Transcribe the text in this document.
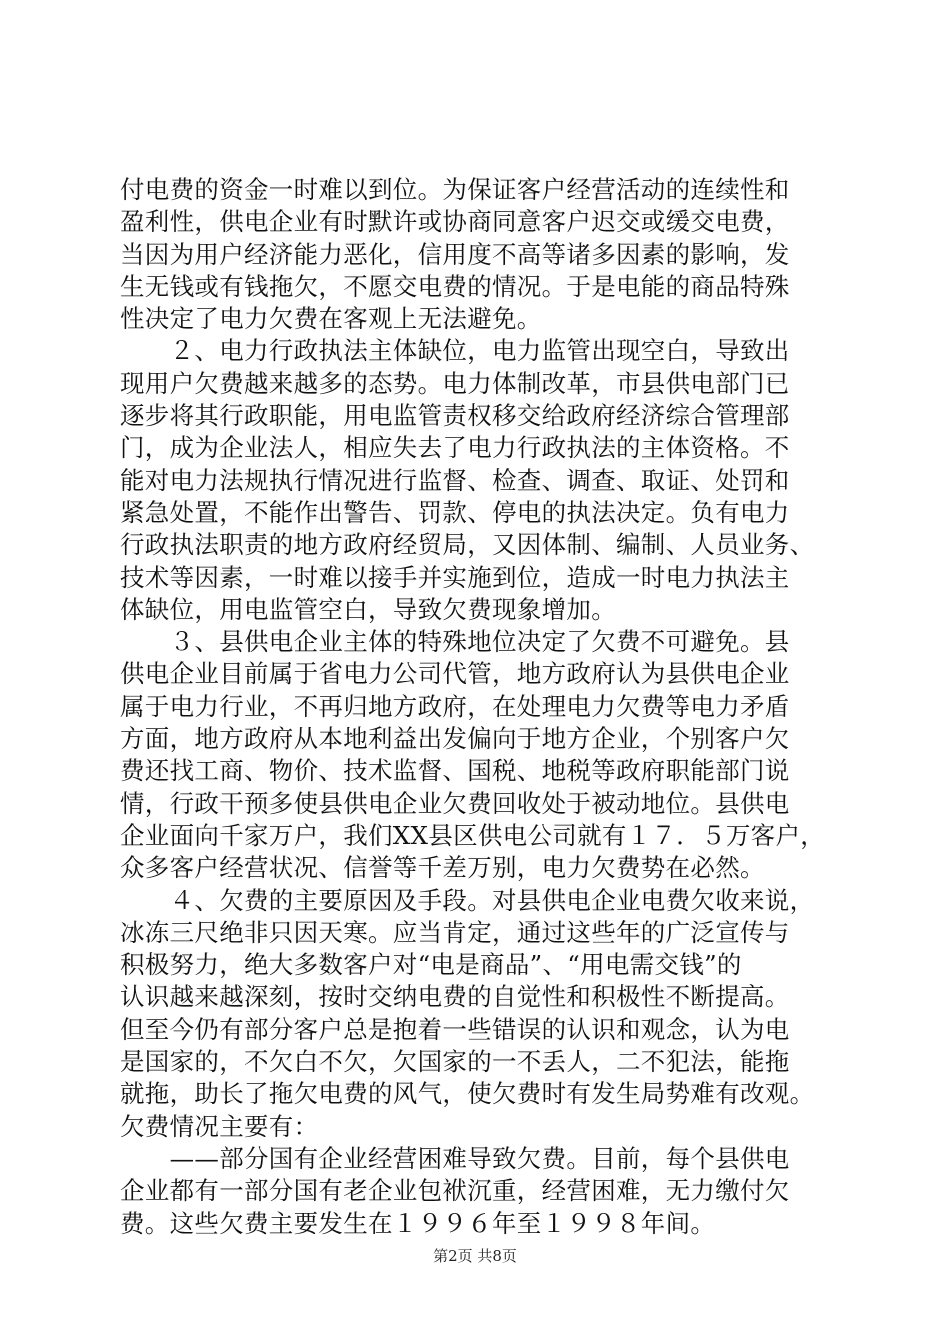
付电费的资金一时难以到位。为保证客户经营活动的连续性和
盈利性，供电企业有时默许或协商同意客户迟交或缓交电费，
当因为用户经济能力恶化，信用度不高等诸多因素的影响，发
生无钱或有钱拖欠，不愿交电费的情况。于是电能的商品特殊
性决定了电力欠费在客观上无法避免。
　　２、电力行政执法主体缺位，电力监管出现空白，导致出
现用户欠费越来越多的态势。电力体制改革，市县供电部门已
逐步将其行政职能，用电监管责权移交给政府经济综合管理部
门，成为企业法人，相应失去了电力行政执法的主体资格。不
能对电力法规执行情况进行监督、检查、调查、取证、处罚和
紧急处置，不能作出警告、罚款、停电的执法决定。负有电力
行政执法职责的地方政府经贸局，又因体制、编制、人员业务、
技术等因素，一时难以接手并实施到位，造成一时电力执法主
体缺位，用电监管空白，导致欠费现象增加。
　　３、县供电企业主体的特殊地位决定了欠费不可避免。县
供电企业目前属于省电力公司代管，地方政府认为县供电企业
属于电力行业，不再归地方政府，在处理电力欠费等电力矛盾
方面，地方政府从本地利益出发偏向于地方企业，个别客户欠
费还找工商、物价、技术监督、国税、地税等政府职能部门说
情，行政干预多使县供电企业欠费回收处于被动地位。县供电
企业面向千家万户，我们XX县区供电公司就有１７．５万客户，
众多客户经营状况、信誉等千差万别，电力欠费势在必然。
　　４、欠费的主要原因及手段。对县供电企业电费欠收来说，
冰冻三尺绝非只因天寒。应当肯定，通过这些年的广泛宣传与
积极努力，绝大多数客户对“电是商品”、“用电需交钱”的
认识越来越深刻，按时交纳电费的自觉性和积极性不断提高。
但至今仍有部分客户总是抱着一些错误的认识和观念，认为电
是国家的，不欠白不欠，欠国家的一不丢人，二不犯法，能拖
就拖，助长了拖欠电费的风气，使欠费时有发生局势难有改观。
欠费情况主要有：
　　——部分国有企业经营困难导致欠费。目前，每个县供电
企业都有一部分国有老企业包袱沉重，经营困难，无力缴付欠
费。这些欠费主要发生在１９９６年至１９９８年间。
第2页 共8页
